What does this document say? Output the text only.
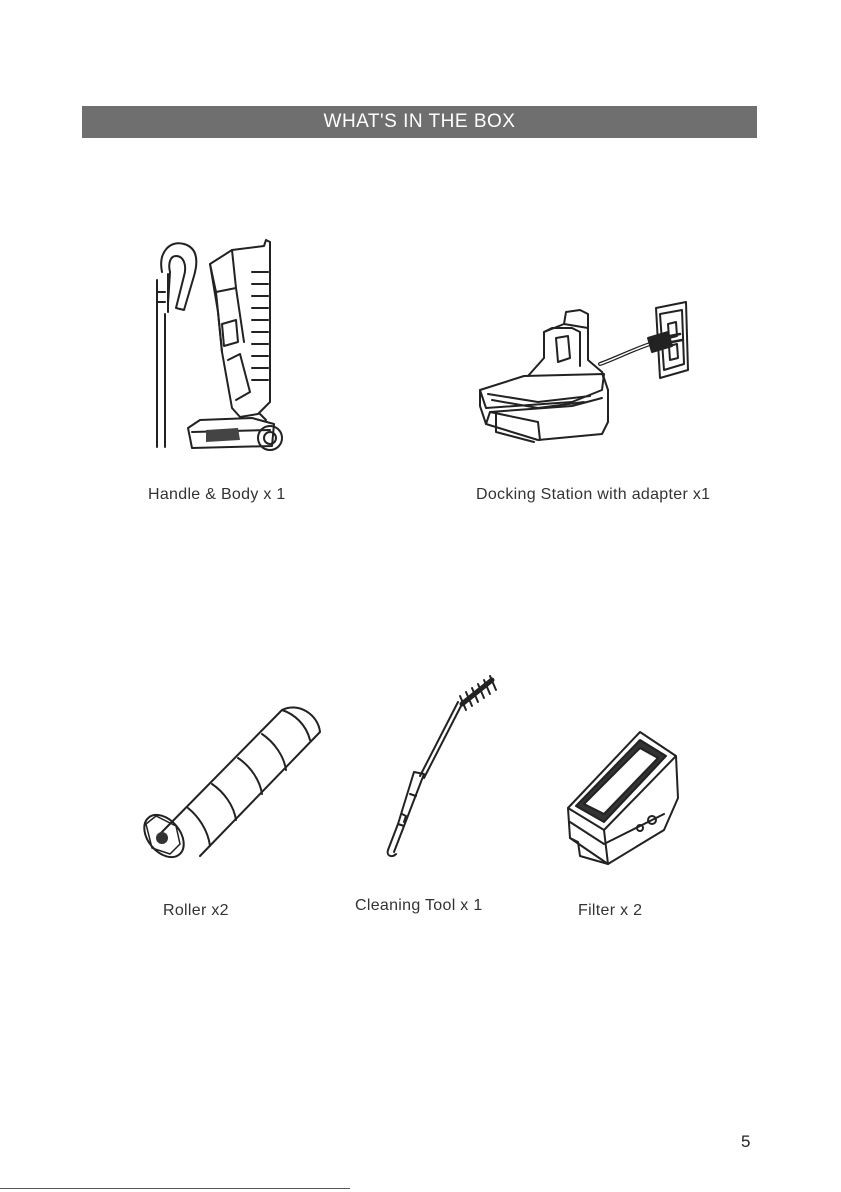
WHAT'S IN THE BOX
Handle & Body x 1	Docking Station with adapter x1
Roller x2	Cleaning Tool x 1	Filter x 2
5
